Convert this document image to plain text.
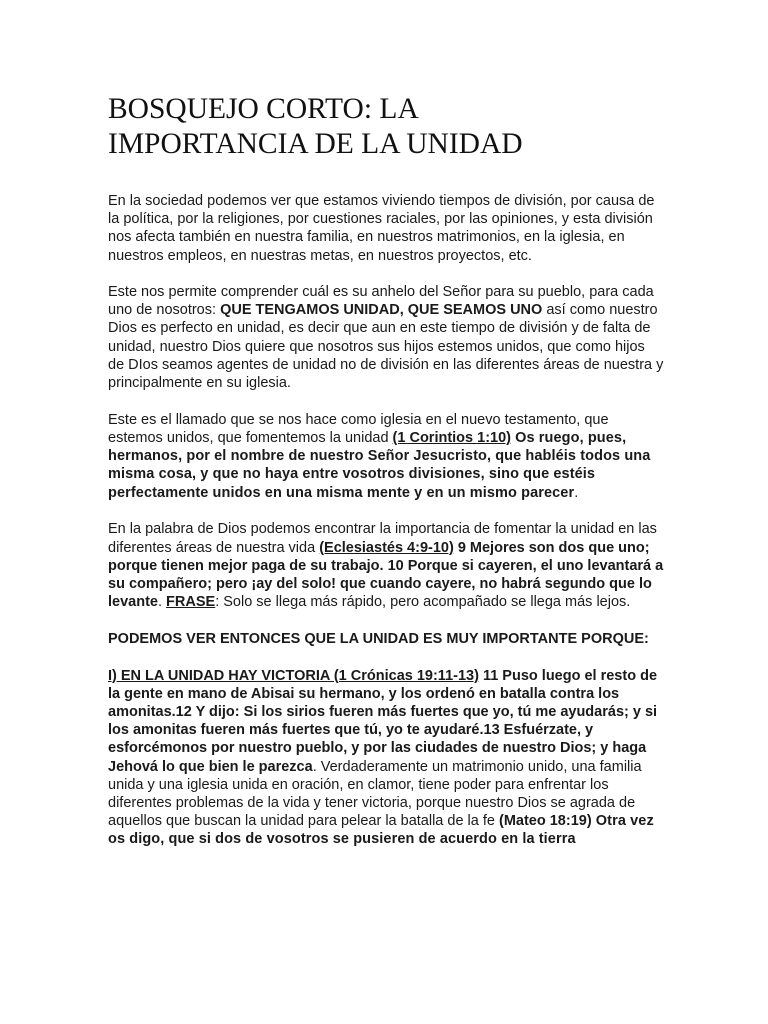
BOSQUEJO CORTO: LA
IMPORTANCIA DE LA UNIDAD

En la sociedad podemos ver que estamos viviendo tiempos de división, por causa de la política, por la religiones, por cuestiones raciales, por las opiniones, y esta división nos afecta también en nuestra familia, en nuestros matrimonios, en la iglesia, en nuestros empleos, en nuestras metas, en nuestros proyectos, etc.

Este nos permite comprender cuál es su anhelo del Señor para su pueblo, para cada uno de nosotros: QUE TENGAMOS UNIDAD, QUE SEAMOS UNO así como nuestro Dios es perfecto en unidad, es decir que aun en este tiempo de división y de falta de unidad, nuestro Dios quiere que nosotros sus hijos estemos unidos, que como hijos de DIos seamos agentes de unidad no de división en las diferentes áreas de nuestra y principalmente en su iglesia.

Este es el llamado que se nos hace como iglesia en el nuevo testamento, que estemos unidos, que fomentemos la unidad (1 Corintios 1:10) Os ruego, pues, hermanos, por el nombre de nuestro Señor Jesucristo, que habléis todos una misma cosa, y que no haya entre vosotros divisiones, sino que estéis perfectamente unidos en una misma mente y en un mismo parecer.

En la palabra de Dios podemos encontrar la importancia de fomentar la unidad en las diferentes áreas de nuestra vida (Eclesiastés 4:9-10) 9 Mejores son dos que uno; porque tienen mejor paga de su trabajo. 10 Porque si cayeren, el uno levantará a su compañero; pero ¡ay del solo! que cuando cayere, no habrá segundo que lo levante. FRASE: Solo se llega más rápido, pero acompañado se llega más lejos.

PODEMOS VER ENTONCES QUE LA UNIDAD ES MUY IMPORTANTE PORQUE:

I) EN LA UNIDAD HAY VICTORIA (1 Crónicas 19:11-13) 11 Puso luego el resto de la gente en mano de Abisai su hermano, y los ordenó en batalla contra los amonitas.12 Y dijo: Si los sirios fueren más fuertes que yo, tú me ayudarás; y si los amonitas fueren más fuertes que tú, yo te ayudaré.13 Esfuérzate, y esforcémonos por nuestro pueblo, y por las ciudades de nuestro Dios; y haga Jehová lo que bien le parezca. Verdaderamente un matrimonio unido, una familia unida y una iglesia unida en oración, en clamor, tiene poder para enfrentar los diferentes problemas de la vida y tener victoria, porque nuestro Dios se agrada de aquellos que buscan la unidad para pelear la batalla de la fe (Mateo 18:19) Otra vez os digo, que si dos de vosotros se pusieren de acuerdo en la tierra
